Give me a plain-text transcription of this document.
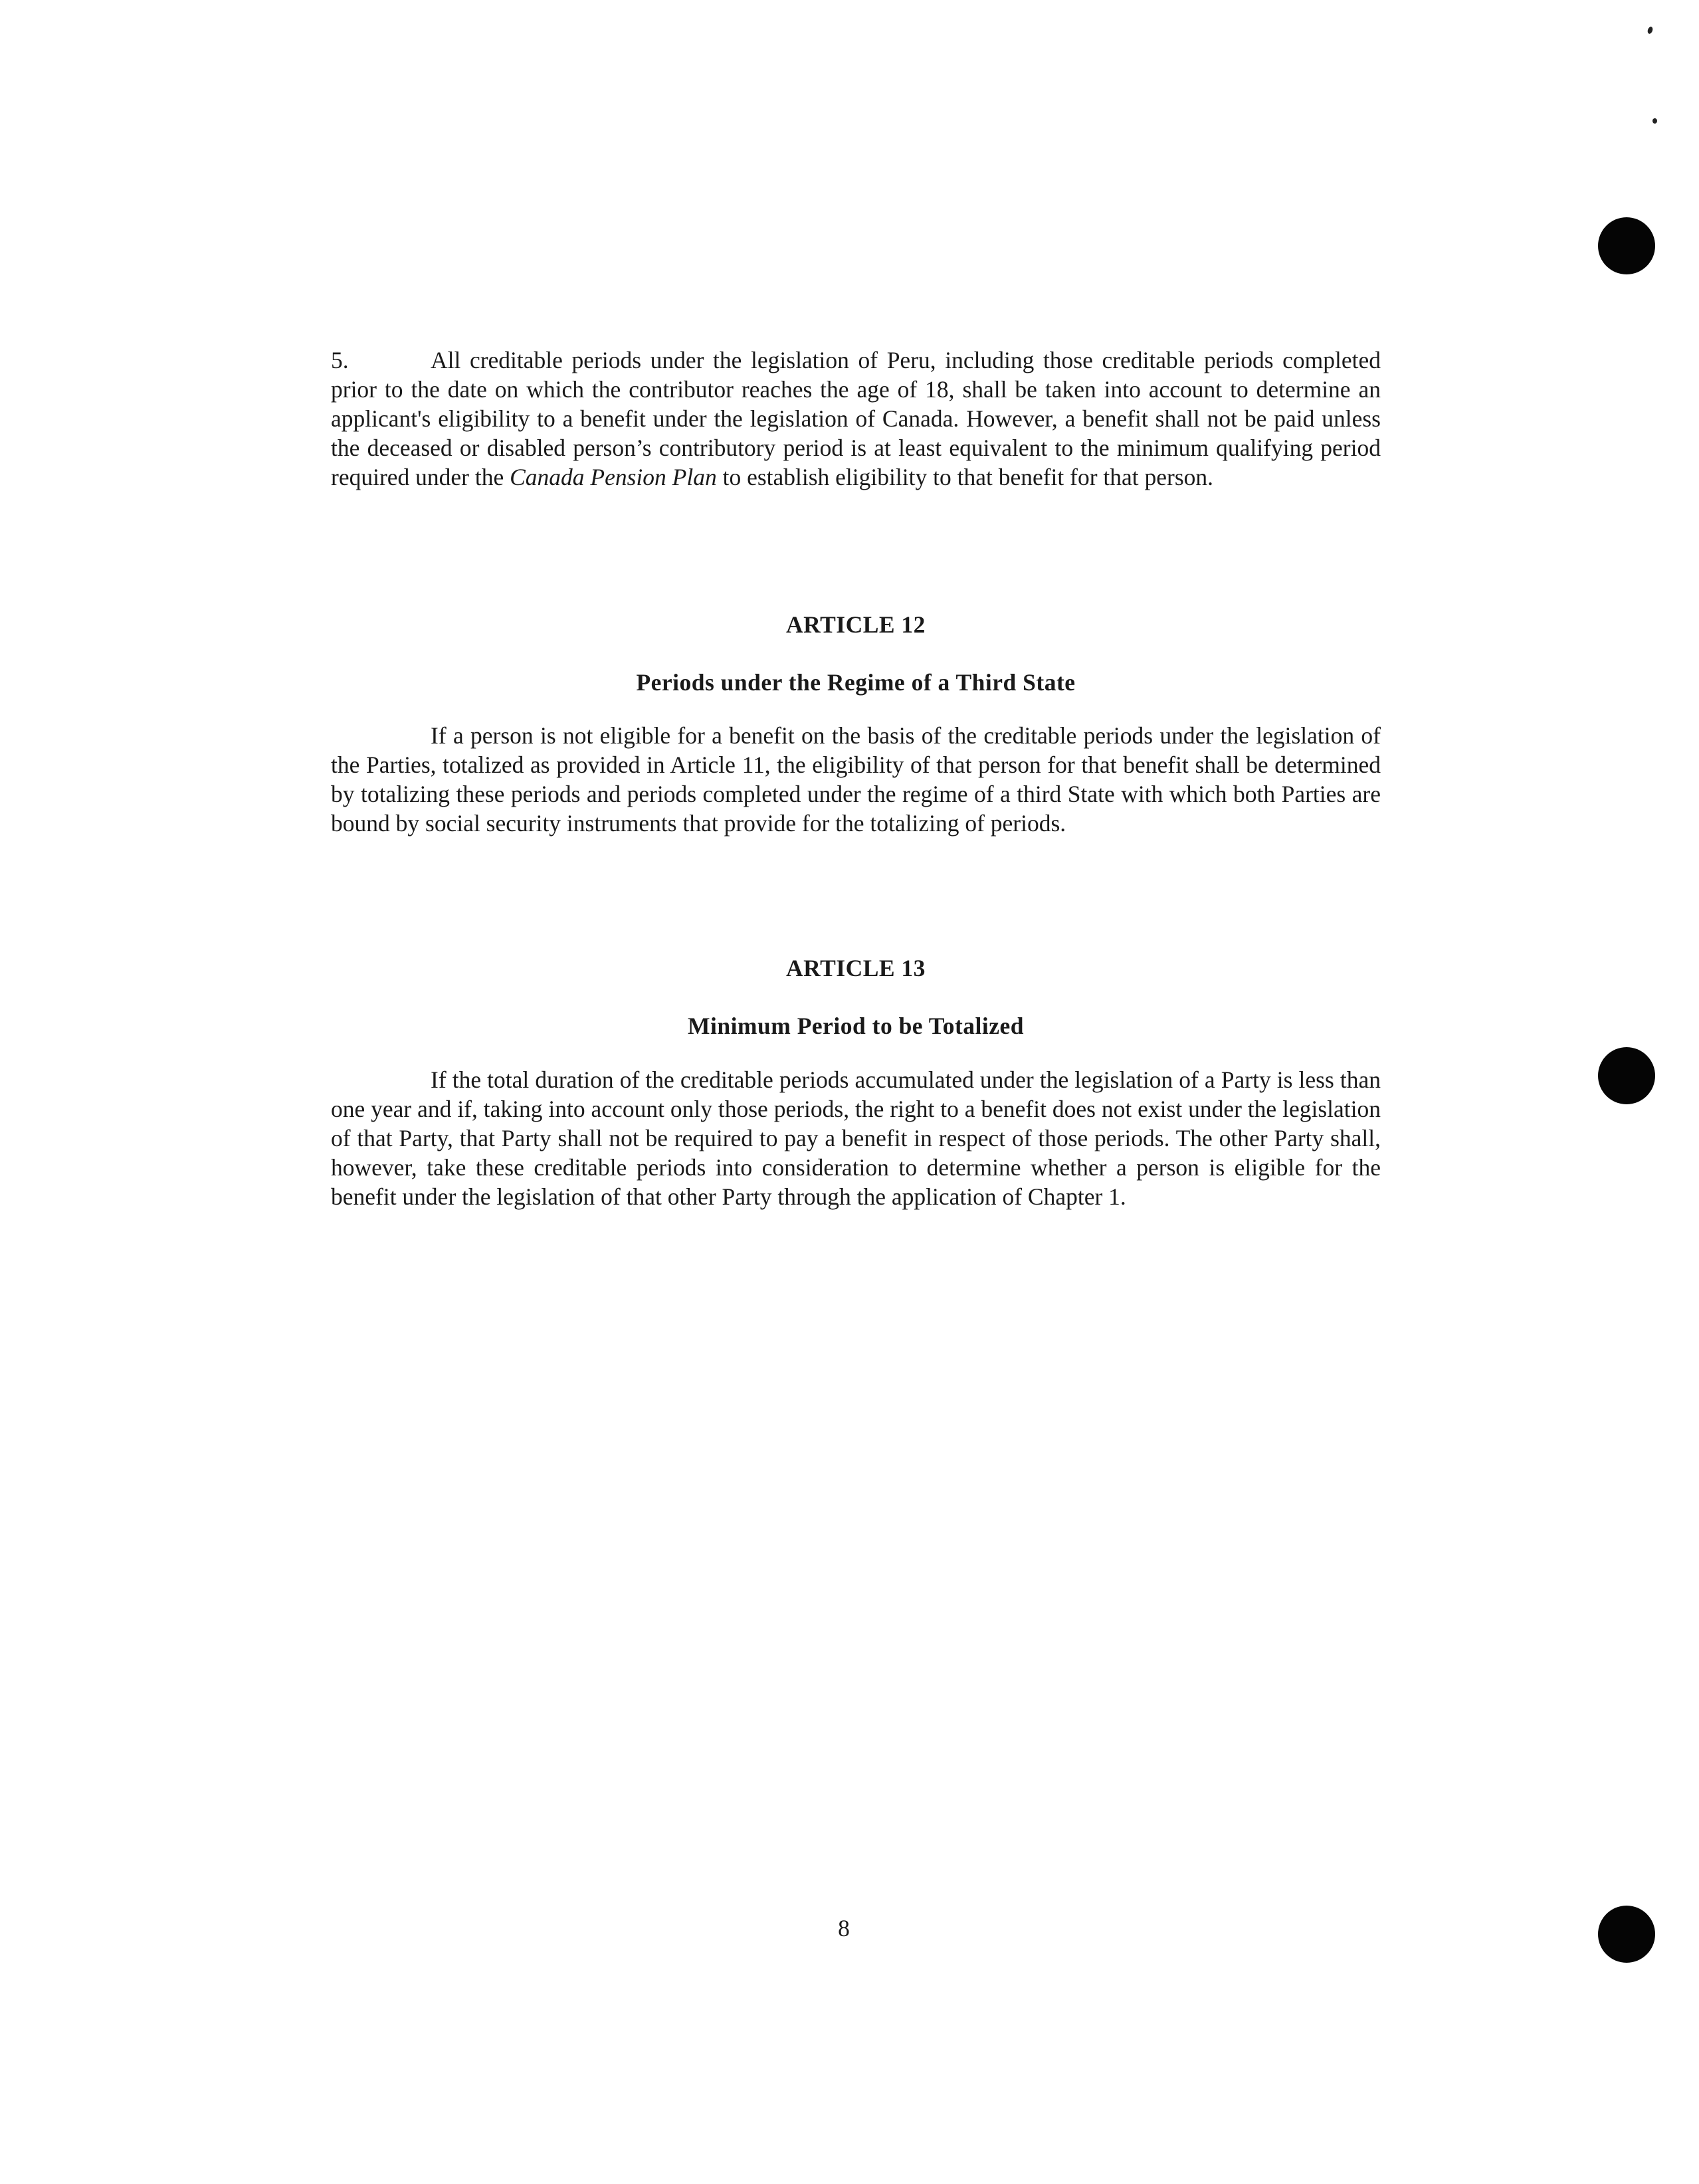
5.	All creditable periods under the legislation of Peru, including those creditable periods completed prior to the date on which the contributor reaches the age of 18, shall be taken into account to determine an applicant's eligibility to a benefit under the legislation of Canada. However, a benefit shall not be paid unless the deceased or disabled person’s contributory period is at least equivalent to the minimum qualifying period required under the Canada Pension Plan to establish eligibility to that benefit for that person.

ARTICLE 12
Periods under the Regime of a Third State

If a person is not eligible for a benefit on the basis of the creditable periods under the legislation of the Parties, totalized as provided in Article 11, the eligibility of that person for that benefit shall be determined by totalizing these periods and periods completed under the regime of a third State with which both Parties are bound by social security instruments that provide for the totalizing of periods.

ARTICLE 13
Minimum Period to be Totalized

If the total duration of the creditable periods accumulated under the legislation of a Party is less than one year and if, taking into account only those periods, the right to a benefit does not exist under the legislation of that Party, that Party shall not be required to pay a benefit in respect of those periods. The other Party shall, however, take these creditable periods into consideration to determine whether a person is eligible for the benefit under the legislation of that other Party through the application of Chapter 1.

8
